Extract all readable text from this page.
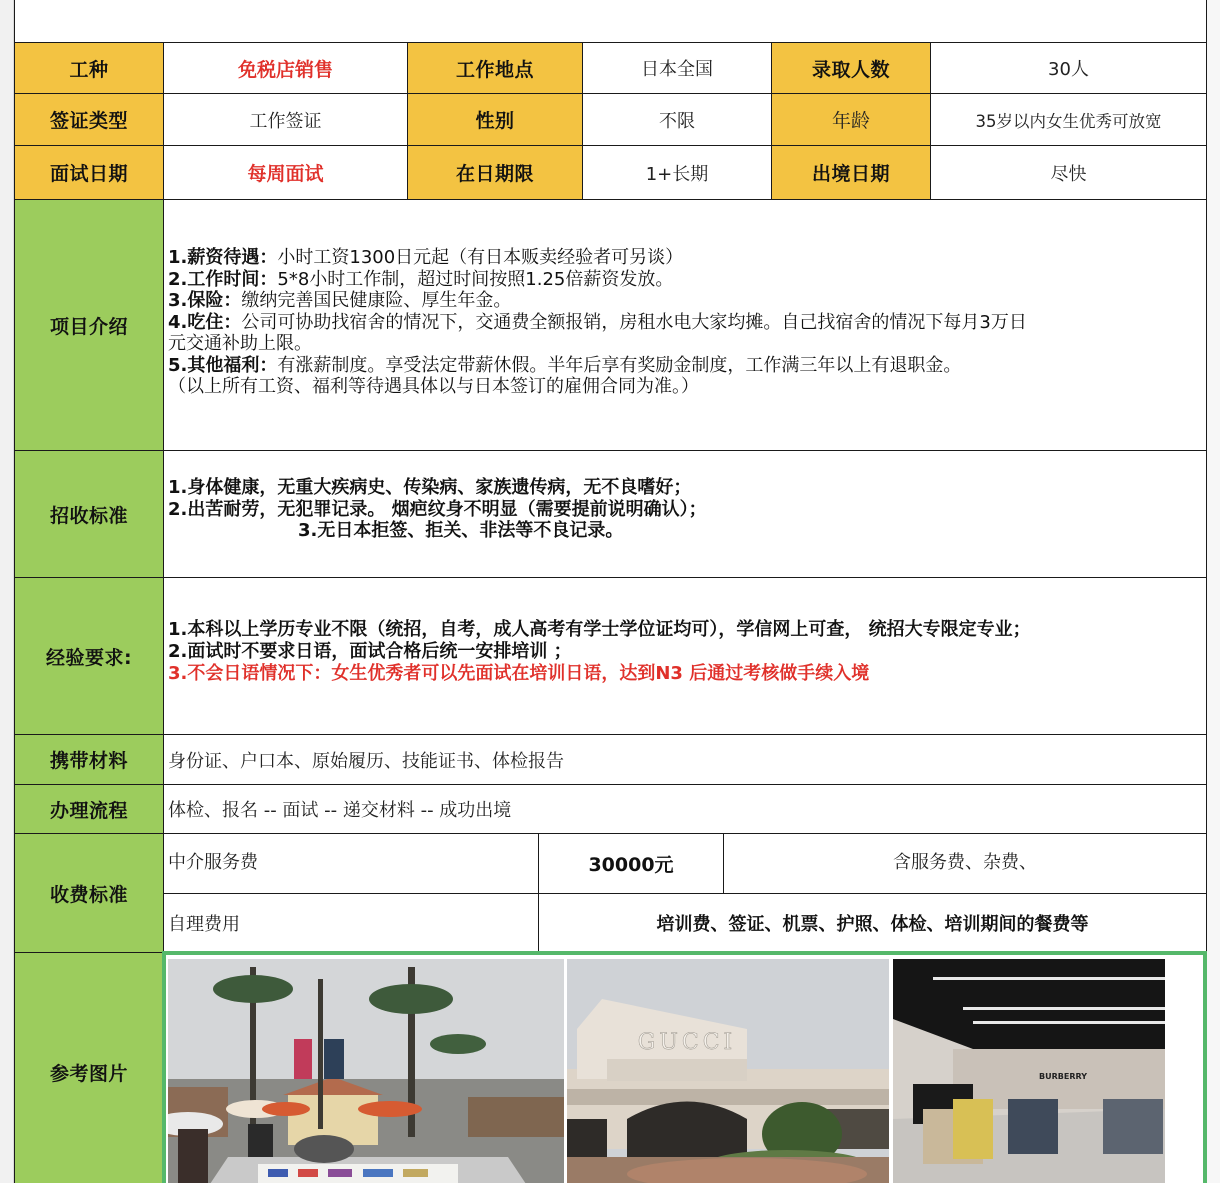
工种	免税店销售	工作地点	日本全国	录取人数	30人
签证类型	工作签证	性别	不限	年龄	35岁以内女生优秀可放宽
面试日期	每周面试	在日期限	1+长期	出境日期	尽快
项目介绍
1.薪资待遇：小时工资1300日元起（有日本贩卖经验者可另谈）
2.工作时间：5*8小时工作制，超过时间按照1.25倍薪资发放。
3.保险：缴纳完善国民健康险、厚生年金。
4.吃住：公司可协助找宿舍的情况下，交通费全额报销，房租水电大家均摊。自己找宿舍的情况下每月3万日
元交通补助上限。
5.其他福利：有涨薪制度。享受法定带薪休假。半年后享有奖励金制度，工作满三年以上有退职金。
（以上所有工资、福利等待遇具体以与日本签订的雇佣合同为准。）
招收标准
1.身体健康，无重大疾病史、传染病、家族遗传病，无不良嗜好；
2.出苦耐劳，无犯罪记录。 烟疤纹身不明显（需要提前说明确认）；
3.无日本拒签、拒关、非法等不良记录。
经验要求:
1.本科以上学历专业不限（统招，自考，成人高考有学士学位证均可），学信网上可查， 统招大专限定专业；
2.面试时不要求日语，面试合格后统一安排培训 ；
3.不会日语情况下：女生优秀者可以先面试在培训日语，达到N3 后通过考核做手续入境
携带材料 身份证、户口本、原始履历、技能证书、体检报告
办理流程 体检、报名 -- 面试 -- 递交材料 -- 成功出境
收费标准
中介服务费	30000元	含服务费、杂费、
自理费用	培训费、签证、机票、护照、体检、培训期间的餐费等
参考图片
GUCCI
BURBERRY
